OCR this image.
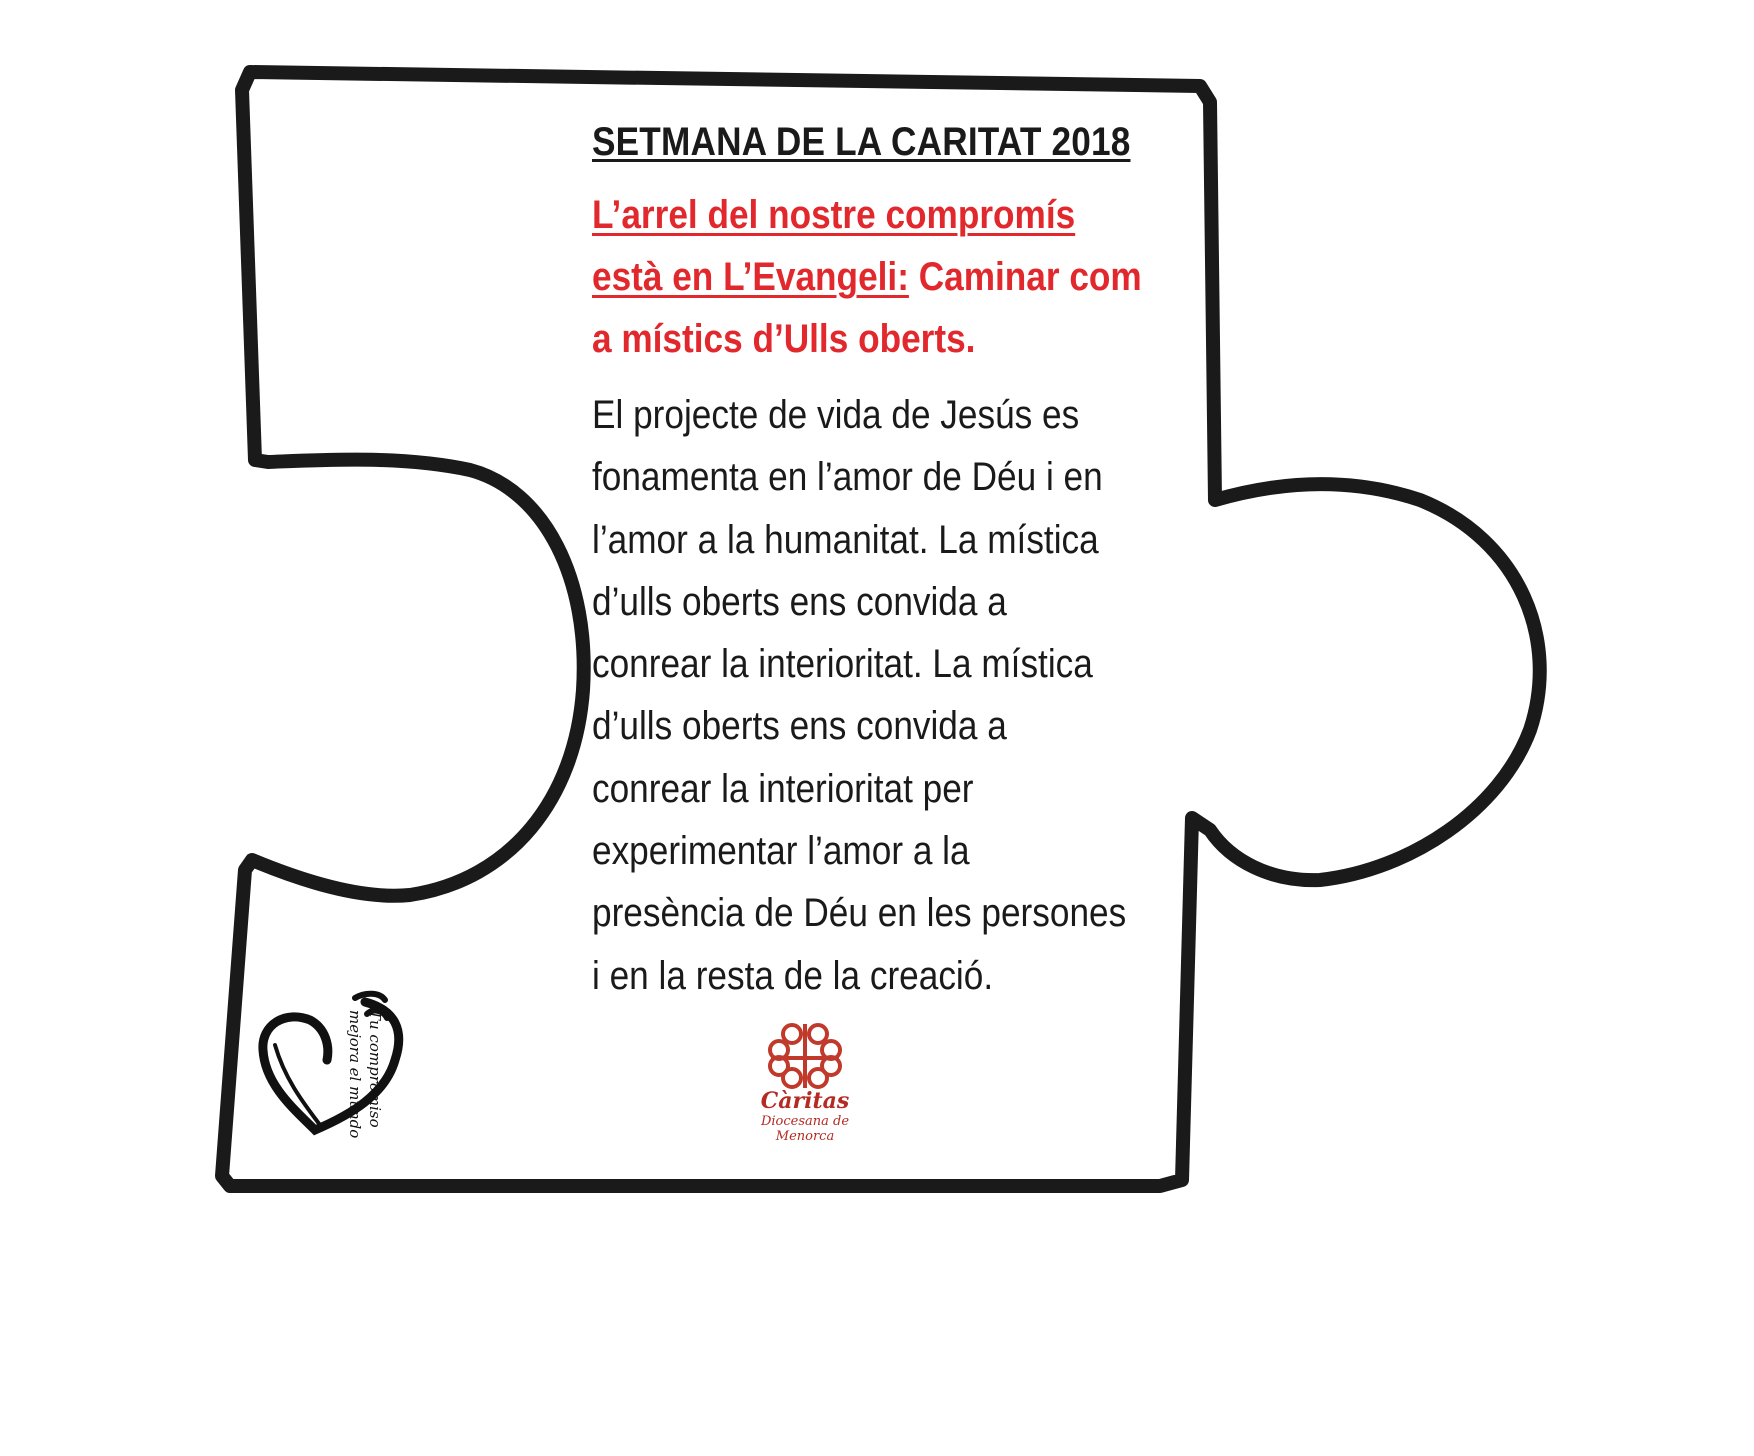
SETMANA DE LA CARITAT 2018
L’arrel del nostre compromís
està en L’Evangeli: Caminar com
a místics d’Ulls oberts.
El projecte de vida de Jesús es
fonamenta en l’amor de Déu i en
l’amor a la humanitat. La mística
d’ulls oberts ens convida a
conrear la interioritat. La mística
d’ulls oberts ens convida a
conrear la interioritat per
experimentar l’amor a la
presència de Déu en les persones
i en la resta de la creació.
Tu compromiso
mejora el mundo	Càritas
Diocesana de
Menorca
